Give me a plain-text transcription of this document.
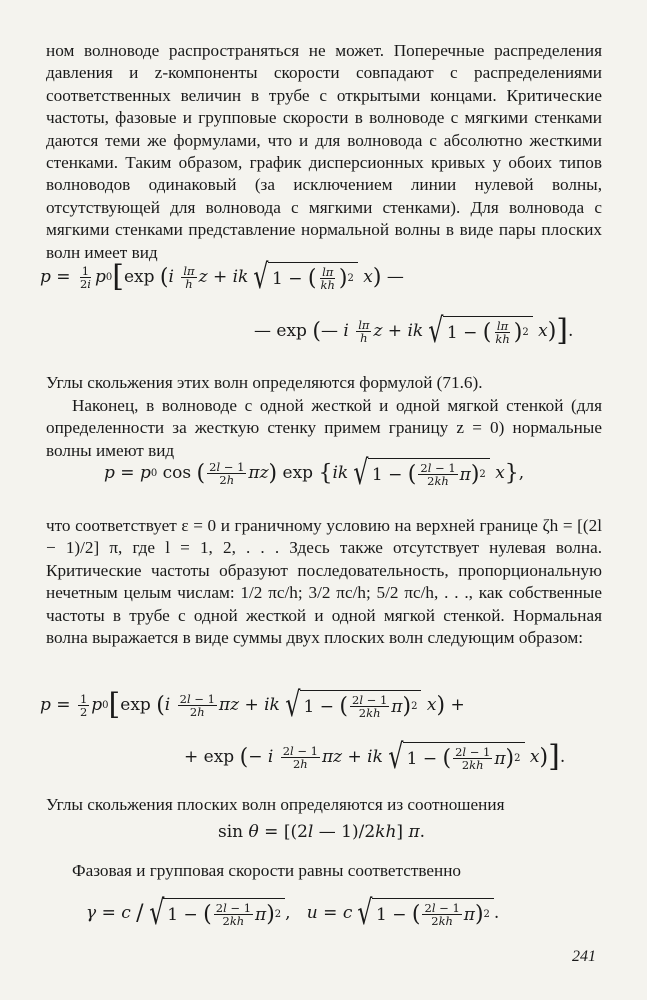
ном волноводе распространяться не может. Поперечные распределения давления и z-компоненты скорости совпадают с распределениями соответственных величин в трубе с открытыми концами. Критические частоты, фазовые и групповые скорости в волноводе с мягкими стенками даются теми же формулами, что и для волновода с абсолютно жесткими стенками. Таким образом, график дисперсионных кривых у обоих типов волноводов одинаковый (за исключением линии нулевой волны, отсутствующей для волновода с мягкими стенками). Для волновода с мягкими стенками представление нормальной волны в виде пары плоских волн имеет вид

$p = \frac{1}{2i}$ p 0 [ exp ( i
$\frac{l\pi}{h}$ z + ik √ 1 − ( $\frac{l\pi}{kh}$ ) 2
x ) —
— exp ( — i
$\frac{l\pi}{h}$ z + ik √ 1 − ( $\frac{l\pi}{kh}$ ) 2
x ) ] .

Углы скольжения этих волн определяются формулой (71.6).

Наконец, в волноводе с одной жесткой и одной мягкой стенкой (для определенности за жесткую стенку примем границу z = 0) нормальные волны имеют вид

p = p 0 cos ( $\frac{2l - 1}{2h}$ πz ) exp { ik √ 1 − ( $\frac{2l - 1}{2kh}$ π ) 2
x } ,

что соответствует ε = 0 и граничному условию на верхней границе ζh = [(2l − 1)/2] π, где l = 1, 2, . . . Здесь также отсутствует нулевая волна. Критические частоты образуют последовательность, пропорциональную нечетным целым числам: 1/2 πc/h; 3/2 πc/h; 5/2 πc/h, . . ., как собственные частоты в трубе с одной жесткой и одной мягкой стенкой. Нормальная волна выражается в виде суммы двух плоских волн следующим образом:

$p = \frac{1}{2}$ p 0 [ exp ( i
$\frac{2l - 1}{2h}$ πz + ik √ 1 − ( $\frac{2l - 1}{2kh}$ π ) 2
x ) +
+ exp ( − i
$\frac{2l - 1}{2h}$ πz + ik √ 1 − ( $\frac{2l - 1}{2kh}$ π ) 2
x ) ] .

Углы скольжения плоских волн определяются из соотношения

sin θ = [(2 l — 1)/2 kh ] π .

Фазовая и групповая скорости равны соответственно

γ = c
/ √ 1 − ( $\frac{2l - 1}{2kh}$ π ) 2 , u = c √ 1 − ( $\frac{2l - 1}{2kh}$ π ) 2 .
241
